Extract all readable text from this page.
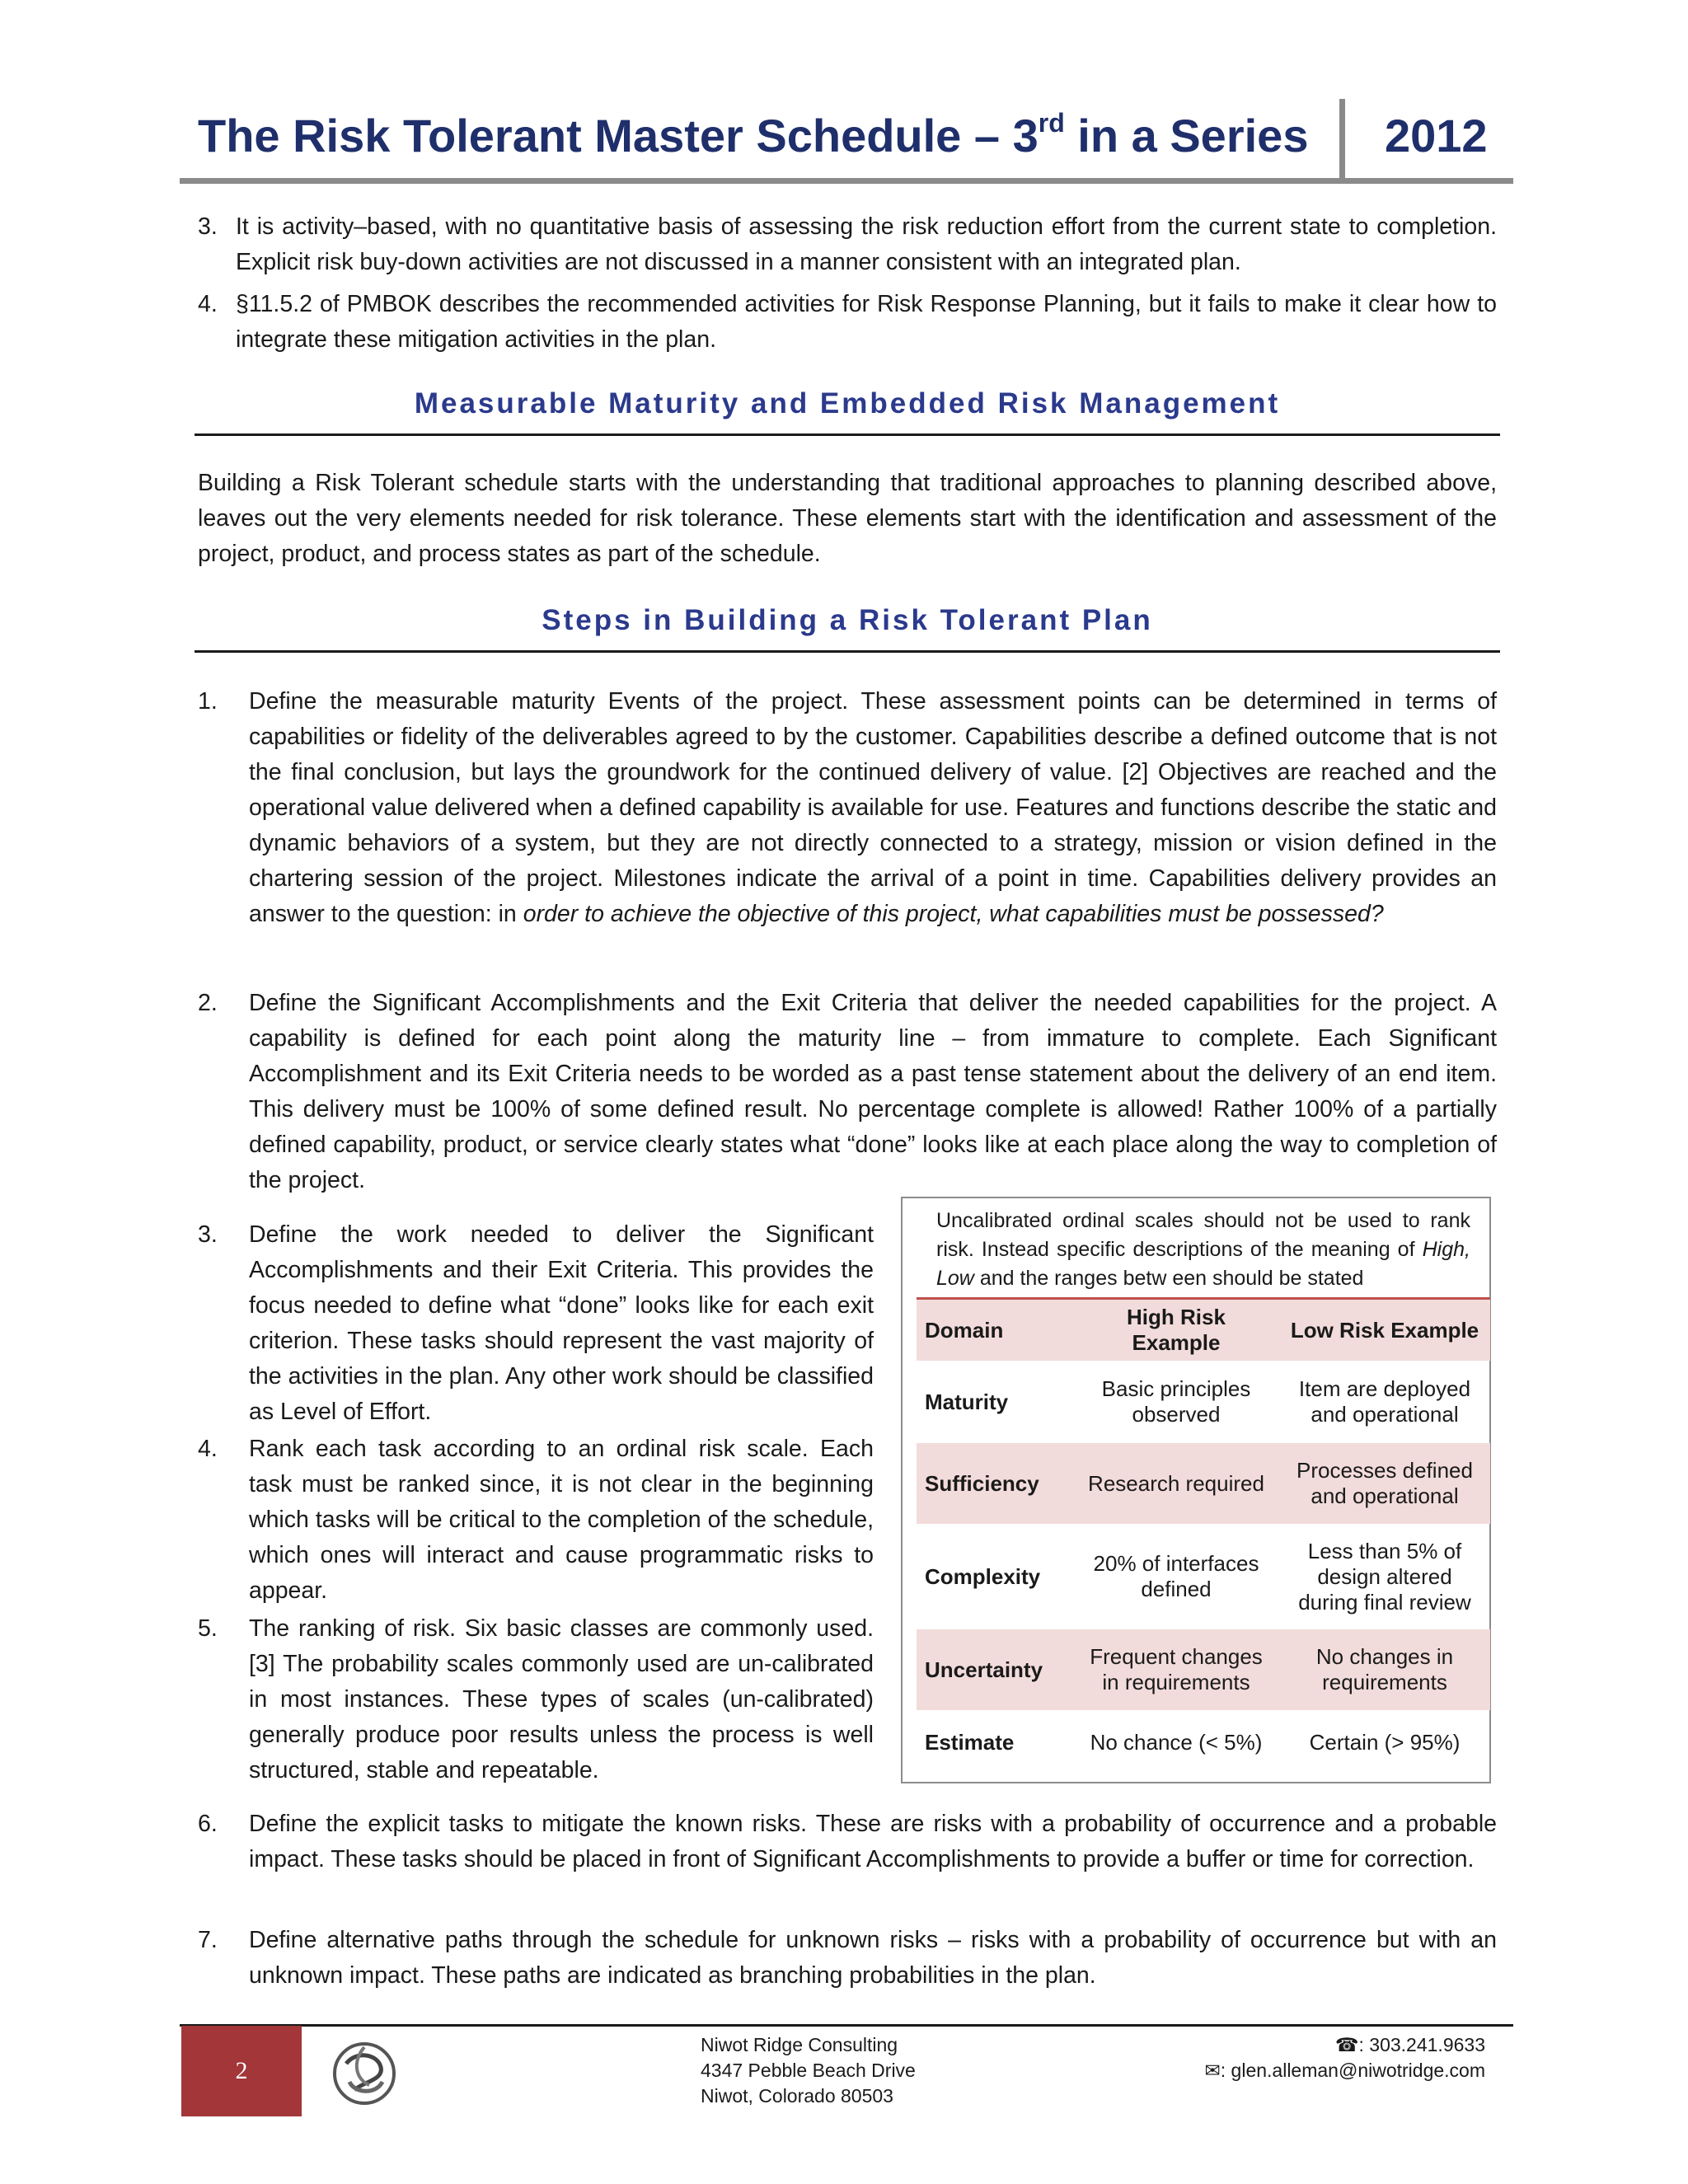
The Risk Tolerant Master Schedule – 3rd in a Series	2012
3. It is activity–based, with no quantitative basis of assessing the risk reduction effort from the current state to completion. Explicit risk buy-down activities are not discussed in a manner consistent with an integrated plan.
4. §11.5.2 of PMBOK describes the recommended activities for Risk Response Planning, but it fails to make it clear how to integrate these mitigation activities in the plan.
Measurable Maturity and Embedded Risk Management
Building a Risk Tolerant schedule starts with the understanding that traditional approaches to planning described above, leaves out the very elements needed for risk tolerance. These elements start with the identification and assessment of the project, product, and process states as part of the schedule.
Steps in Building a Risk Tolerant Plan
1. Define the measurable maturity Events of the project. These assessment points can be determined in terms of capabilities or fidelity of the deliverables agreed to by the customer. Capabilities describe a defined outcome that is not the final conclusion, but lays the groundwork for the continued delivery of value. [2] Objectives are reached and the operational value delivered when a defined capability is available for use. Features and functions describe the static and dynamic behaviors of a system, but they are not directly connected to a strategy, mission or vision defined in the chartering session of the project. Milestones indicate the arrival of a point in time. Capabilities delivery provides an answer to the question: in order to achieve the objective of this project, what capabilities must be possessed?
2. Define the Significant Accomplishments and the Exit Criteria that deliver the needed capabilities for the project. A capability is defined for each point along the maturity line – from immature to complete. Each Significant Accomplishment and its Exit Criteria needs to be worded as a past tense statement about the delivery of an end item. This delivery must be 100% of some defined result. No percentage complete is allowed! Rather 100% of a partially defined capability, product, or service clearly states what “done” looks like at each place along the way to completion of the project.
3. Define the work needed to deliver the Significant Accomplishments and their Exit Criteria. This provides the focus needed to define what “done” looks like for each exit criterion. These tasks should represent the vast majority of the activities in the plan. Any other work should be classified as Level of Effort.
4. Rank each task according to an ordinal risk scale. Each task must be ranked since, it is not clear in the beginning which tasks will be critical to the completion of the schedule, which ones will interact and cause programmatic risks to appear.
5. The ranking of risk. Six basic classes are commonly used. [3] The probability scales commonly used are un-calibrated in most instances. These types of scales (un-calibrated) generally produce poor results unless the process is well structured, stable and repeatable.
6. Define the explicit tasks to mitigate the known risks. These are risks with a probability of occurrence and a probable impact. These tasks should be placed in front of Significant Accomplishments to provide a buffer or time for correction.
7. Define alternative paths through the schedule for unknown risks – risks with a probability of occurrence but with an unknown impact. These paths are indicated as branching probabilities in the plan.
Uncalibrated ordinal scales should not be used to rank risk. Instead specific descriptions of the meaning of High, Low and the ranges betw een should be stated
Domain	High Risk Example	Low Risk Example
Maturity	Basic principles observed	Item are deployed and operational
Sufficiency	Research required	Processes defined and operational
Complexity	20% of interfaces defined	Less than 5% of design altered during final review
Uncertainty	Frequent changes in requirements	No changes in requirements
Estimate	No chance (< 5%)	Certain (> 95%)
2
Niwot Ridge Consulting
4347 Pebble Beach Drive
Niwot, Colorado 80503
☎: 303.241.9633
✉: glen.alleman@niwotridge.com
